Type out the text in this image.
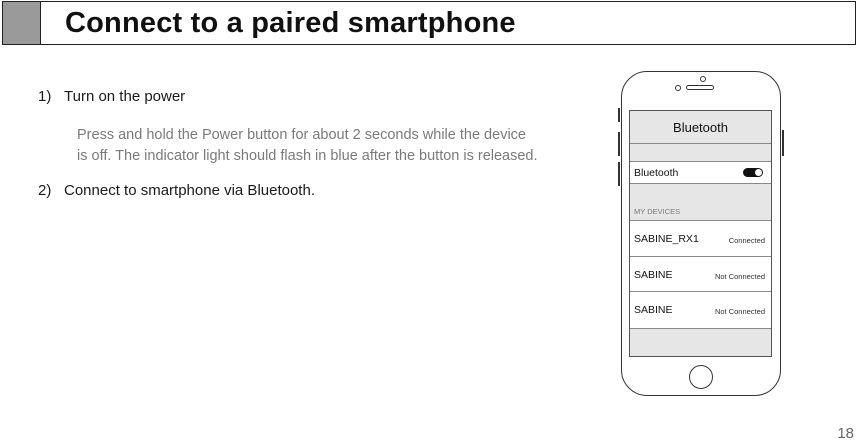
Connect to a paired smartphone
1) Turn on the power
Press and hold the Power button for about 2 seconds while the device
is off. The indicator light should flash in blue after the button is released.
2) Connect to smartphone via Bluetooth.
Bluetooth
Bluetooth
MY DEVICES
SABINE_RX1	Connected
SABINE	Not Connected
SABINE	Not Connected
18
